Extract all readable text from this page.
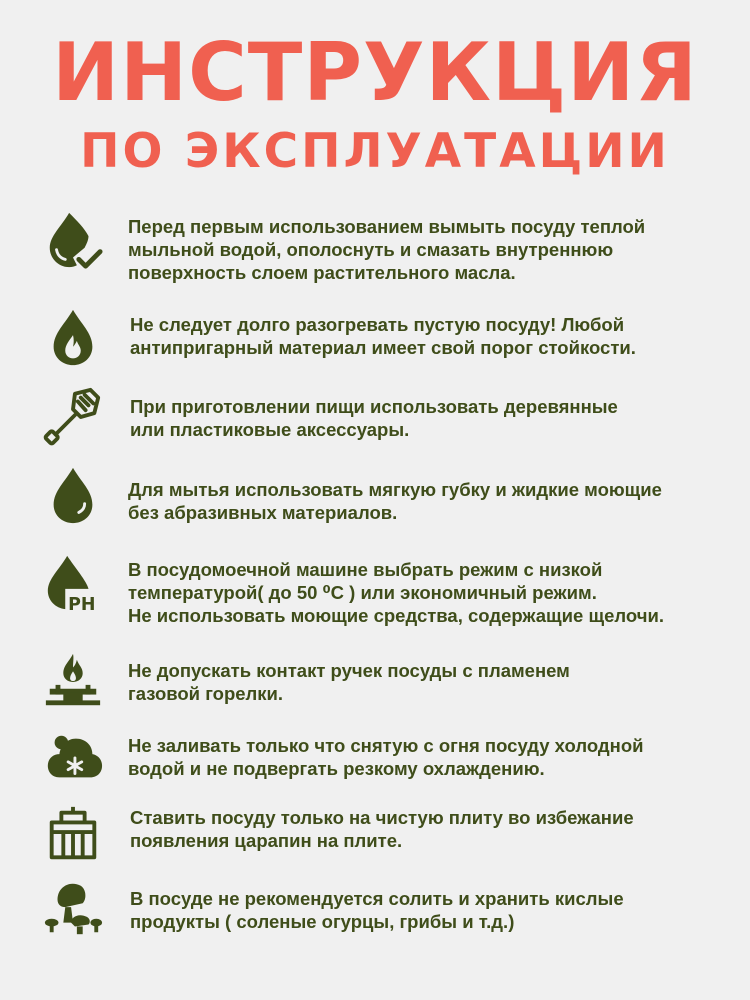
ИНСТРУКЦИЯ
ПО ЭКСПЛУАТАЦИИ
Перед первым использованием вымыть посуду теплой
мыльной водой, ополоснуть и смазать внутреннюю
поверхность слоем растительного масла.
Не следует долго разогревать пустую посуду! Любой
антипригарный материал имеет свой порог стойкости.
При приготовлении пищи использовать деревянные
или пластиковые аксессуары.
Для мытья использовать мягкую губку и жидкие моющие
без абразивных материалов.
PH
В посудомоечной машине выбрать режим с низкой
температурой( до 50 ⁰С ) или экономичный режим.
Не использовать моющие средства, содержащие щелочи.
Не допускать контакт ручек посуды с пламенем
газовой горелки.
Не заливать только что снятую с огня посуду холодной
водой и не подвергать резкому охлаждению.
Ставить посуду только на чистую плиту во избежание
появления царапин на плите.
В посуде не рекомендуется солить и хранить кислые
продукты ( соленые огурцы, грибы и т.д.)
